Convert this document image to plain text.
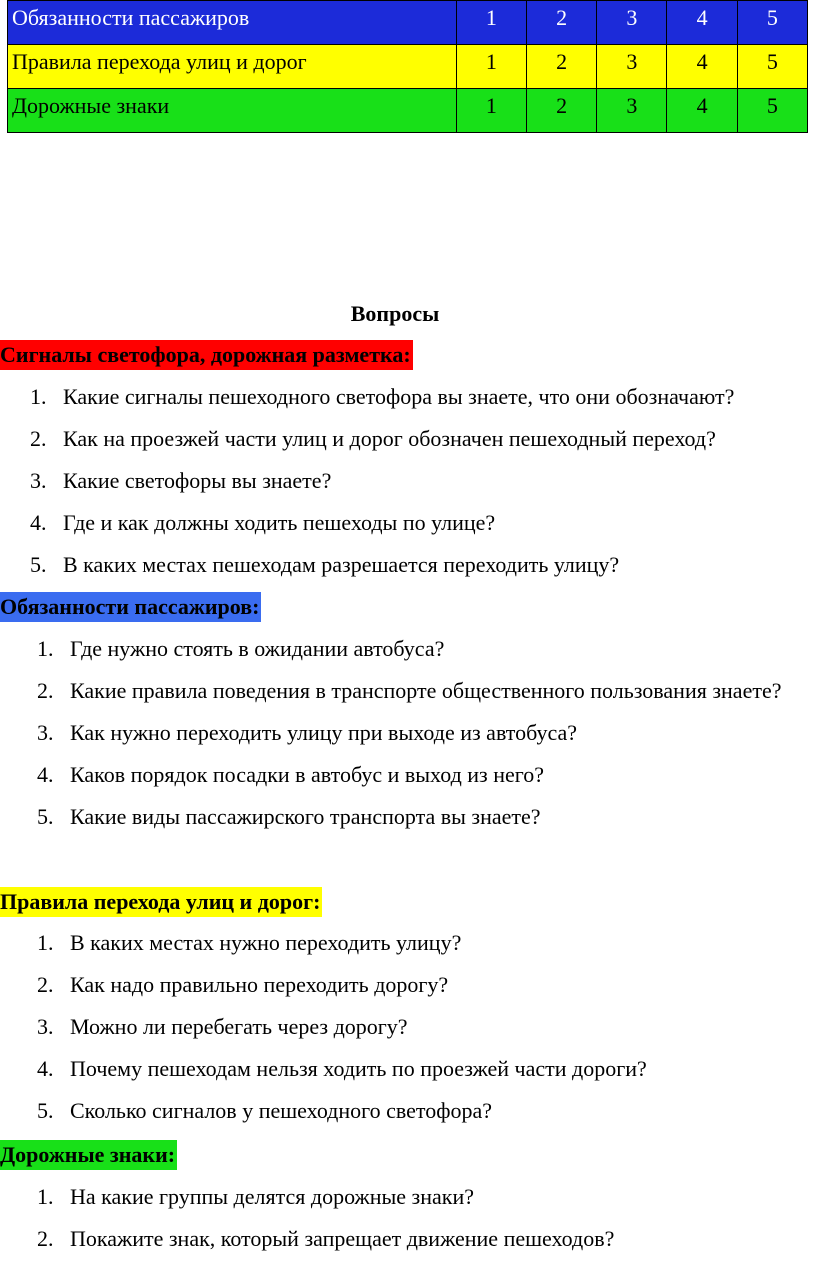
Обязанности пассажиров	1	2	3	4	5
Правила перехода улиц и дорог	1	2	3	4	5
Дорожные знаки	1	2	3	4	5
Вопросы
Сигналы светофора, дорожная разметка:
1. Какие сигналы пешеходного светофора вы знаете, что они обозначают?
2. Как на проезжей части улиц и дорог обозначен пешеходный переход?
3. Какие светофоры вы знаете?
4. Где и как должны ходить пешеходы по улице?
5. В каких местах пешеходам разрешается переходить улицу?
Обязанности пассажиров:
1. Где нужно стоять в ожидании автобуса?
2. Какие правила поведения в транспорте общественного пользования знаете?
3. Как нужно переходить улицу при выходе из автобуса?
4. Каков порядок посадки в автобус и выход из него?
5. Какие виды пассажирского транспорта вы знаете?
Правила перехода улиц и дорог:
1. В каких местах нужно переходить улицу?
2. Как надо правильно переходить дорогу?
3. Можно ли перебегать через дорогу?
4. Почему пешеходам нельзя ходить по проезжей части дороги?
5. Сколько сигналов у пешеходного светофора?
Дорожные знаки:
1. На какие группы делятся дорожные знаки?
2. Покажите знак, который запрещает движение пешеходов?
